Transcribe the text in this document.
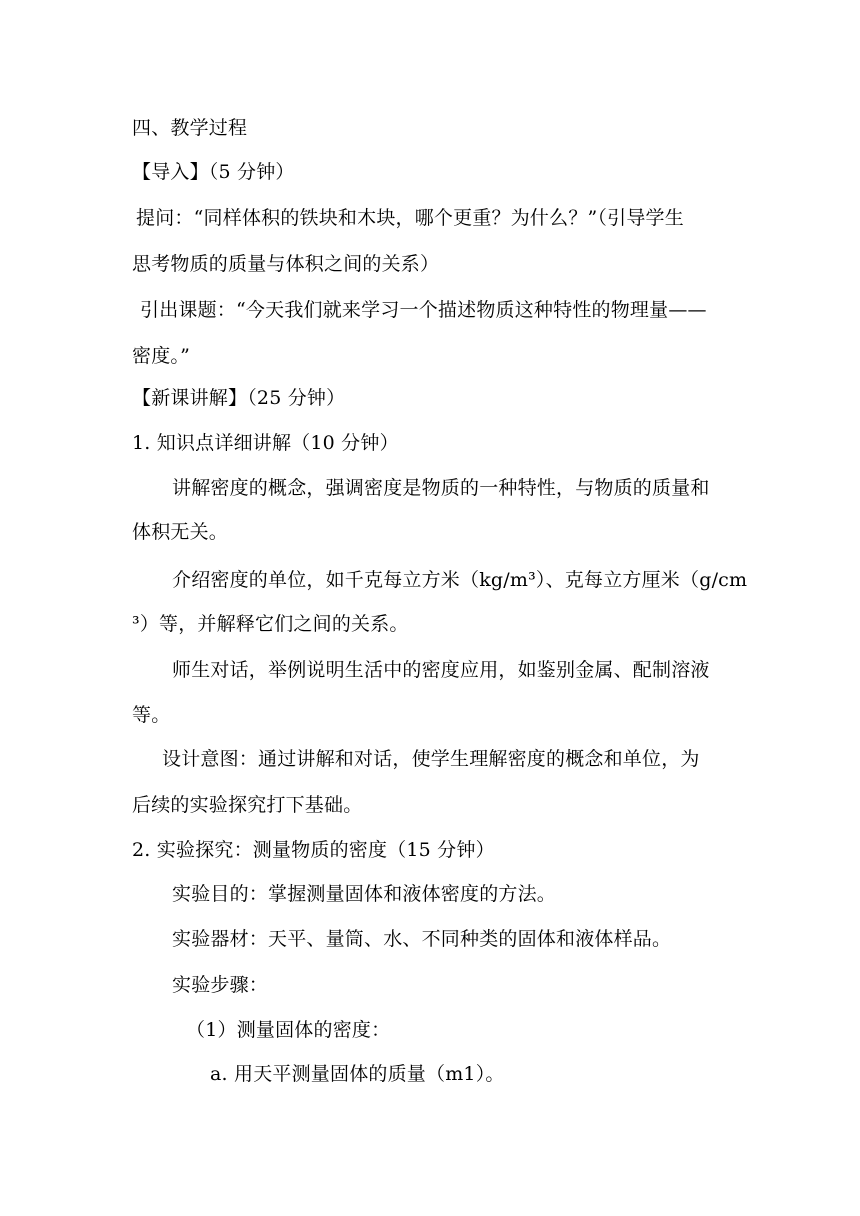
四、教学过程
【导入】（5 分钟）
提问：“同样体积的铁块和木块，哪个更重？为什么？”（引导学生
思考物质的质量与体积之间的关系）
引出课题：“今天我们就来学习一个描述物质这种特性的物理量——
密度。”
【新课讲解】（25 分钟）
1. 知识点详细讲解（10 分钟）
讲解密度的概念，强调密度是物质的一种特性，与物质的质量和
体积无关。
介绍密度的单位，如千克每立方米（kg/m³）、克每立方厘米（g/cm
³）等，并解释它们之间的关系。
师生对话，举例说明生活中的密度应用，如鉴别金属、配制溶液
等。
设计意图：通过讲解和对话，使学生理解密度的概念和单位，为
后续的实验探究打下基础。
2. 实验探究：测量物质的密度（15 分钟）
实验目的：掌握测量固体和液体密度的方法。
实验器材：天平、量筒、水、不同种类的固体和液体样品。
实验步骤：
（1）测量固体的密度：
a. 用天平测量固体的质量（m1）。
